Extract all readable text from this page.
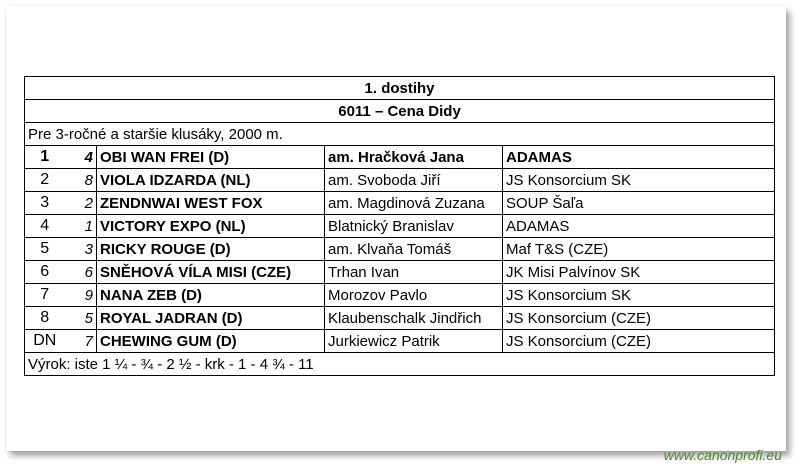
1. dostihy				
6011 – Cena Didy				
Pre 3-ročné a staršie klusáky, 2000 m.				
1	4	OBI WAN FREI (D)	am. Hračková Jana	ADAMAS
2	8	VIOLA IDZARDA (NL)	am. Svoboda Jiří	JS Konsorcium SK
3	2	ZENDNWAI WEST FOX	am. Magdinová Zuzana	SOUP Šaľa
4	1	VICTORY EXPO (NL)	Blatnický Branislav	ADAMAS
5	3	RICKY ROUGE (D)	am. Klvaňa Tomáš	Maf T&S (CZE)
6	6	SNĚHOVÁ VÍLA MISI (CZE)	Trhan Ivan	JK Misi Palvínov SK
7	9	NANA ZEB (D)	Morozov Pavlo	JS Konsorcium SK
8	5	ROYAL JADRAN (D)	Klaubenschalk Jindřich	JS Konsorcium (CZE)
DN	7	CHEWING GUM (D)	Jurkiewicz Patrik	JS Konsorcium (CZE)
Výrok: iste 1 ¼ - ¾ - 2 ½ - krk - 1 - 4 ¾ - 11				
www.canonprofi.eu
